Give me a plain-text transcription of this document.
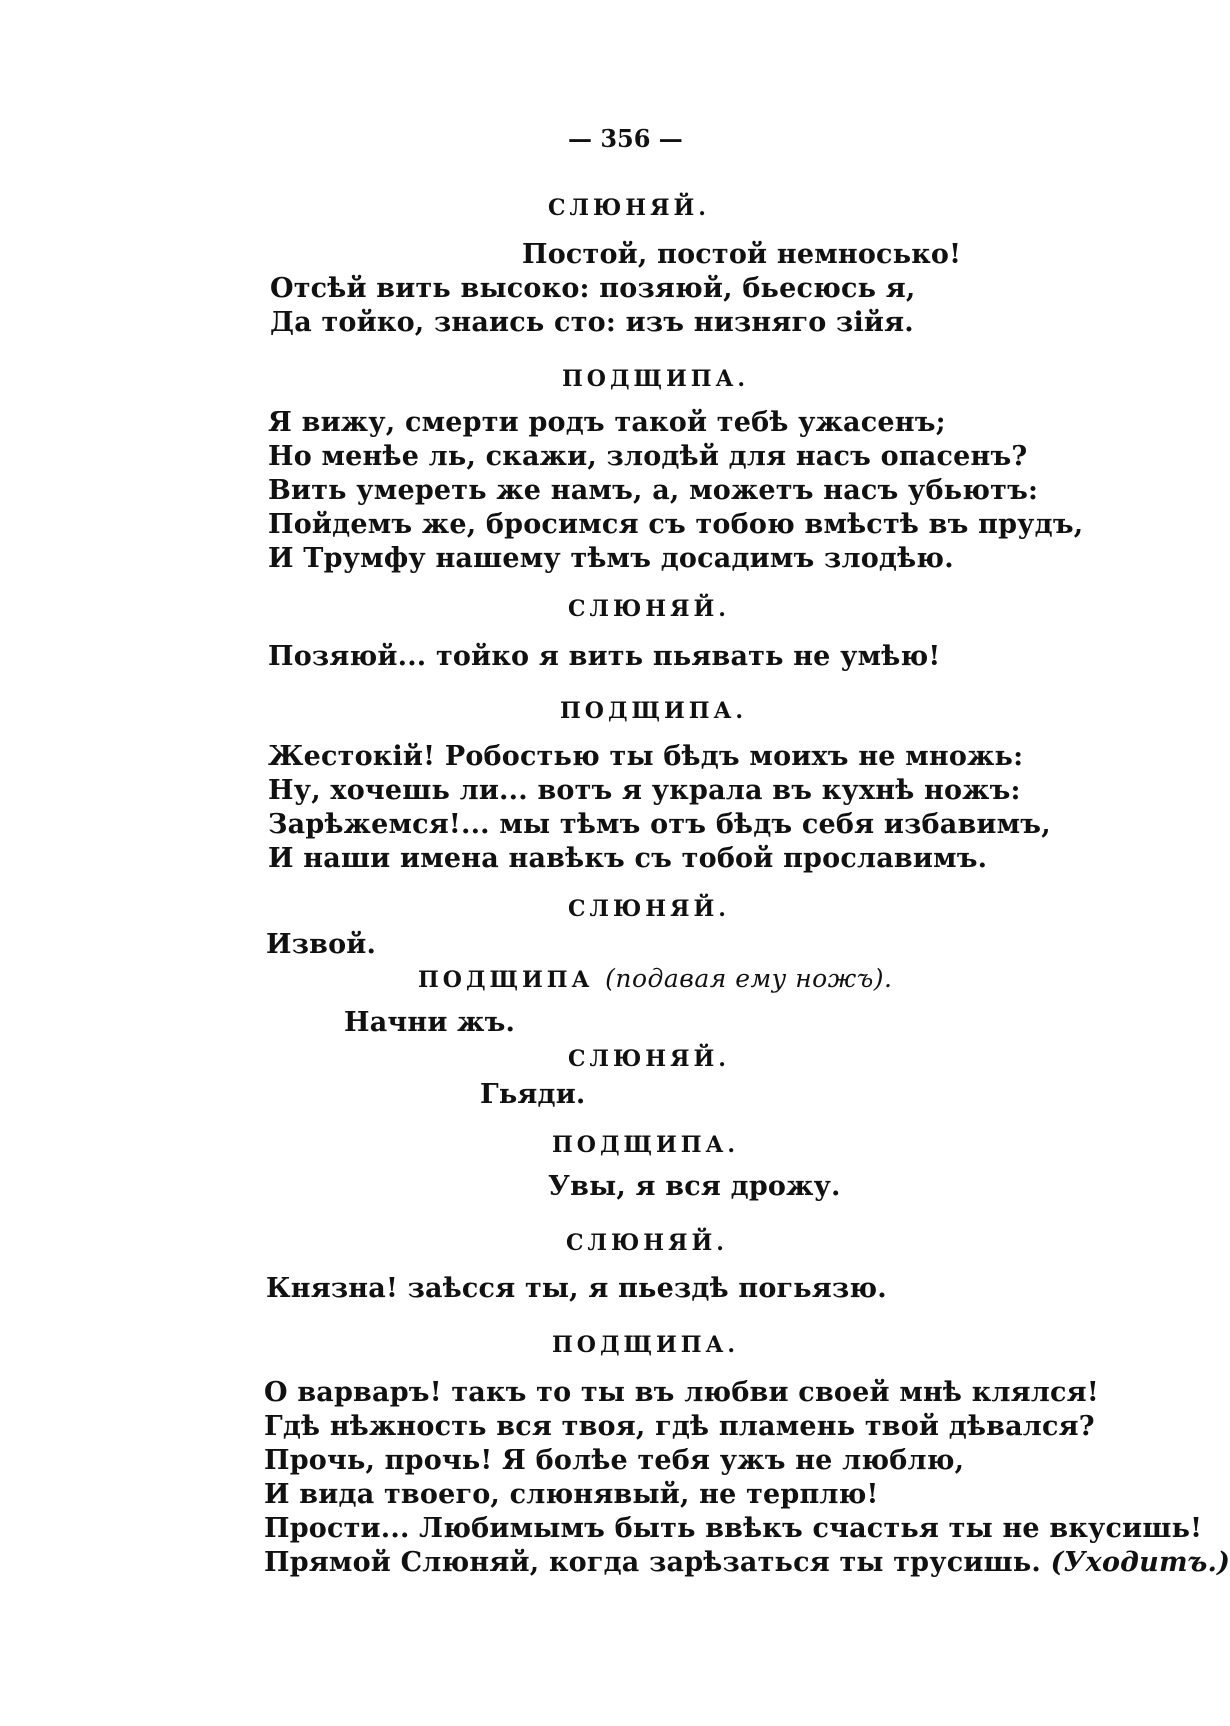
— 356 —
СЛЮНЯЙ.
Постой, постой немносько!
Отсѣй вить высоко: позяюй, бьесюсь я,
Да тойко, знаись сто: изъ низняго зійя.
ПОДЩИПА.
Я вижу, смерти родъ такой тебѣ ужасенъ;
Но менѣе ль, скажи, злодѣй для насъ опасенъ?
Вить умереть же намъ, а, можетъ насъ убьютъ:
Пойдемъ же, бросимся съ тобою вмѣстѣ въ прудъ,
И Трумфу нашему тѣмъ досадимъ злодѣю.
СЛЮНЯЙ.
Позяюй... тойко я вить пьявать не умѣю!
ПОДЩИПА.
Жестокій! Робостью ты бѣдъ моихъ не множь:
Ну, хочешь ли... вотъ я украла въ кухнѣ ножъ:
Зарѣжемся!... мы тѣмъ отъ бѣдъ себя избавимъ,
И наши имена навѣкъ съ тобой прославимъ.
СЛЮНЯЙ.
Извой.
ПОДЩИПА (подавая ему ножъ).
Начни жъ.
СЛЮНЯЙ.
Гьяди.
ПОДЩИПА.
Увы, я вся дрожу.
СЛЮНЯЙ.
Князна! заѣсся ты, я пьездѣ погьязю.
ПОДЩИПА.
О варваръ! такъ то ты въ любви своей мнѣ клялся!
Гдѣ нѣжность вся твоя, гдѣ пламень твой дѣвался?
Прочь, прочь! Я болѣе тебя ужъ не люблю,
И вида твоего, слюнявый, не терплю!
Прости... Любимымъ быть ввѣкъ счастья ты не вкусишь!
Прямой Слюняй, когда зарѣзаться ты трусишь. (Уходитъ.)
